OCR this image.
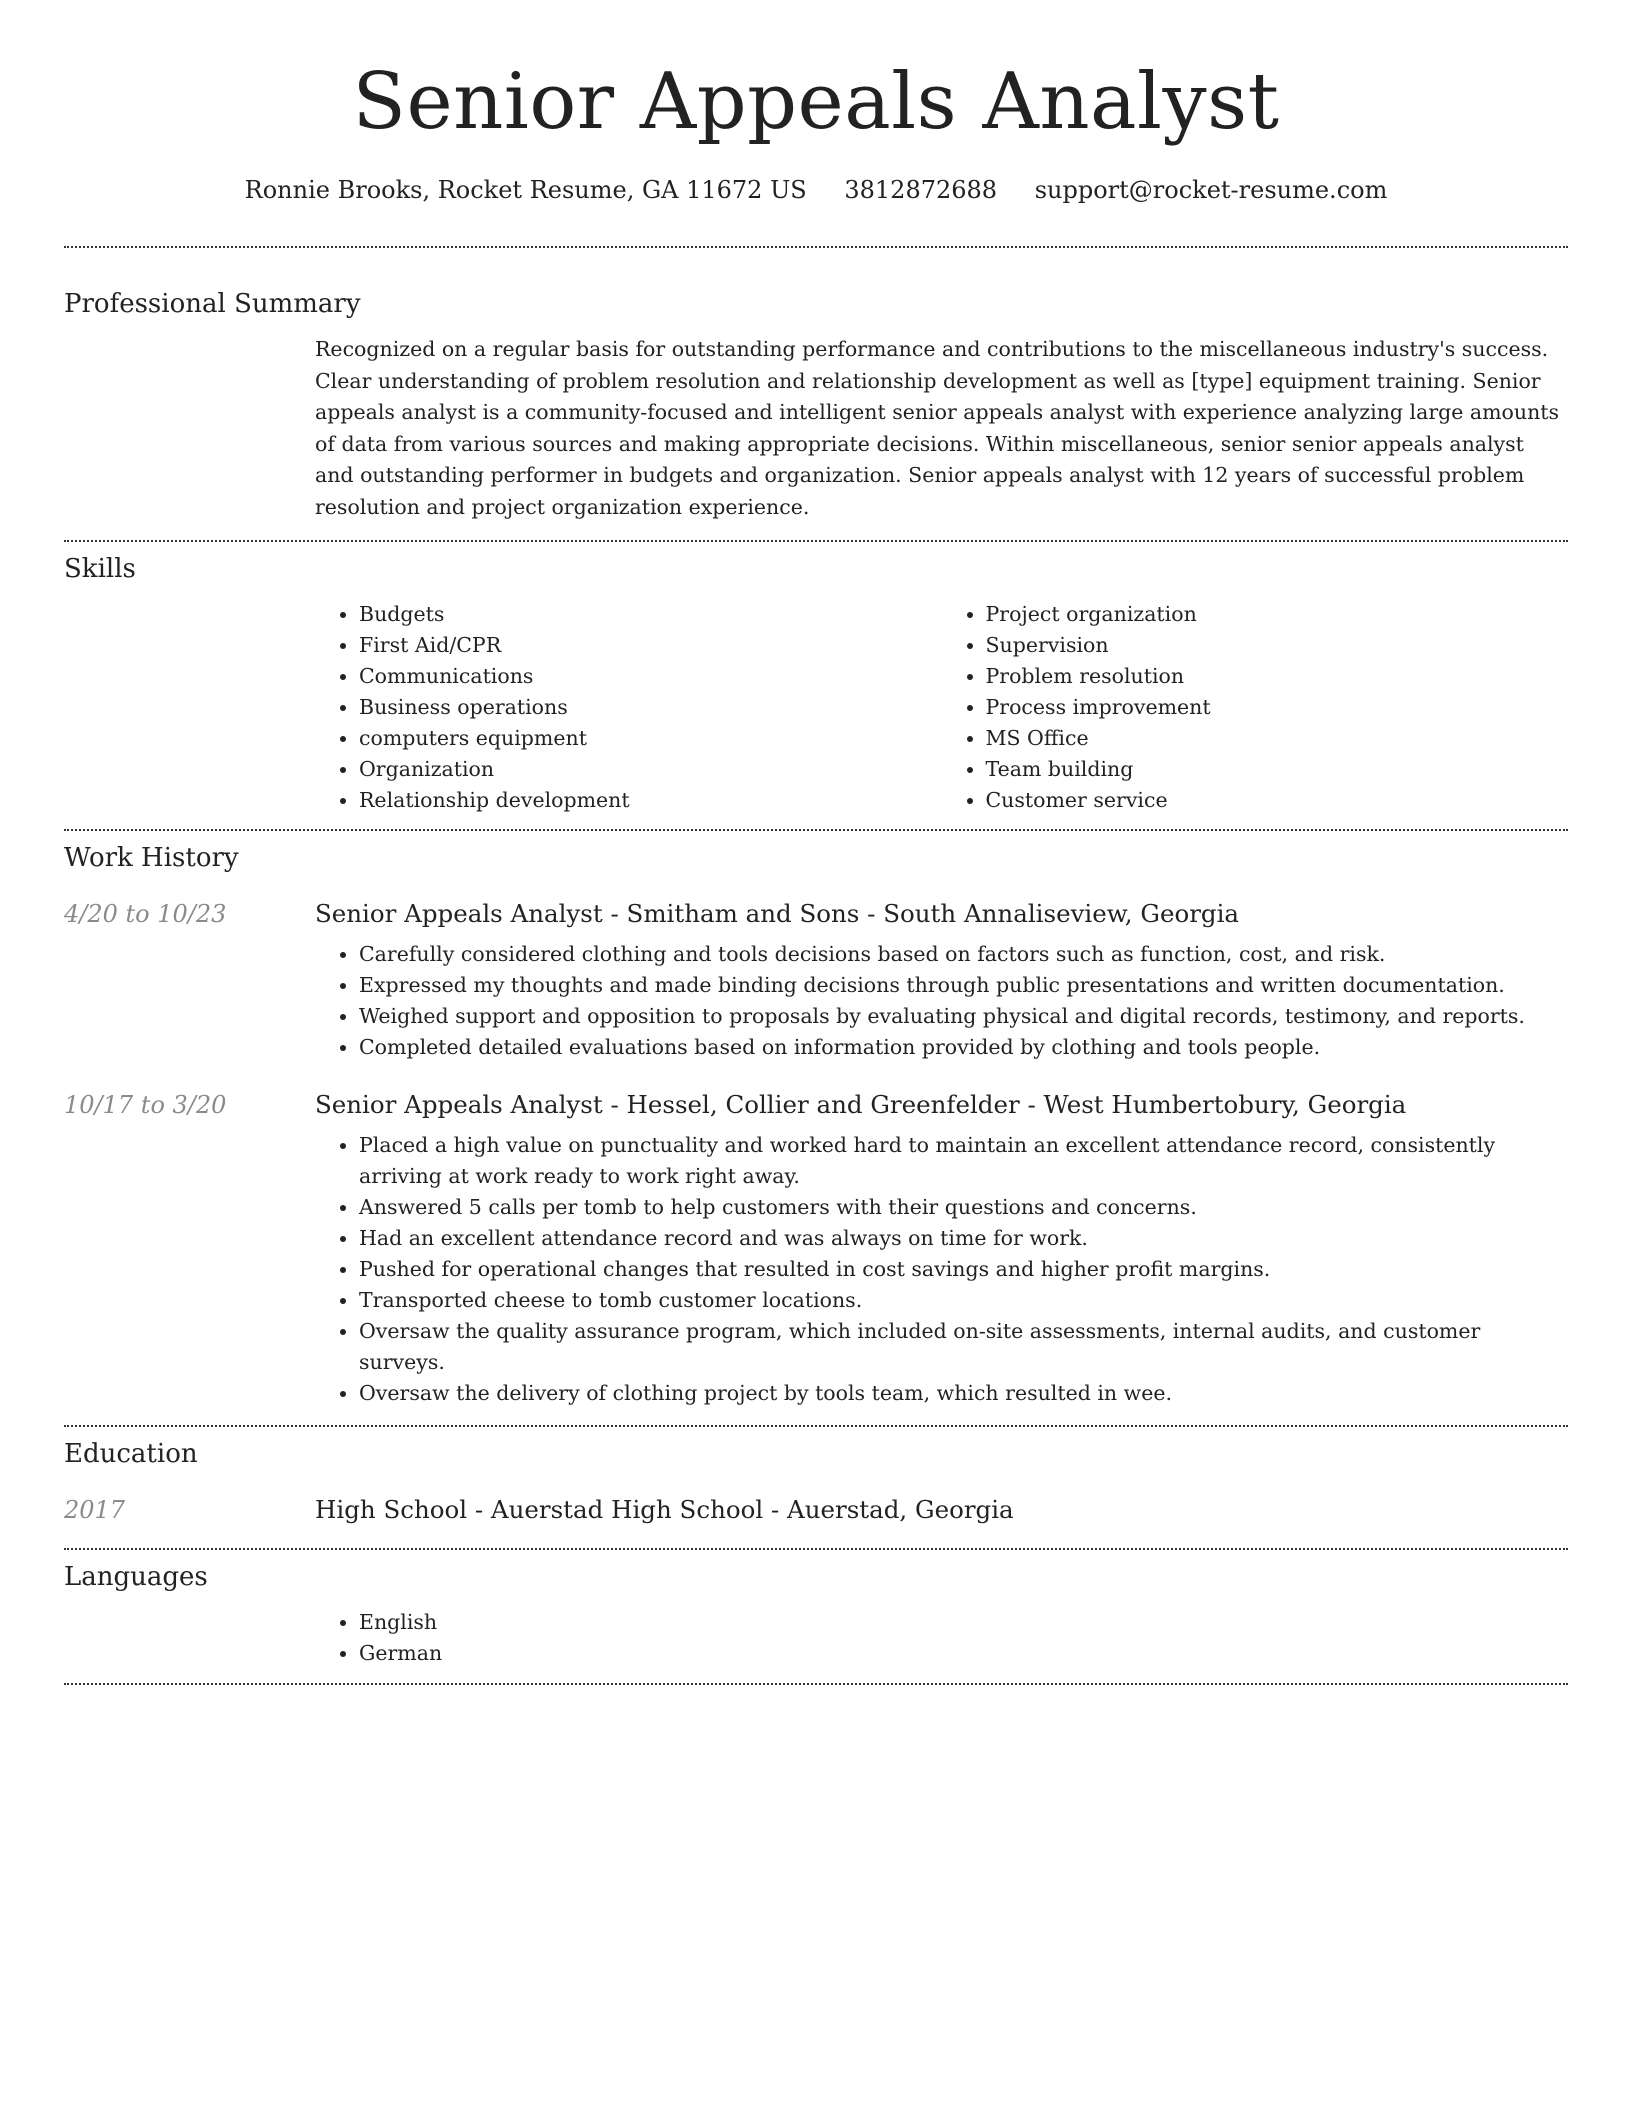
Senior Appeals Analyst
Ronnie Brooks, Rocket Resume, GA 11672 US 3812872688 support@rocket-resume.com
Professional Summary

Recognized on a regular basis for outstanding performance and contributions to the miscellaneous industry's success. Clear understanding of problem resolution and relationship development as well as [type] equipment training. Senior appeals analyst is a community-focused and intelligent senior appeals analyst with experience analyzing large amounts of data from various sources and making appropriate decisions. Within miscellaneous, senior senior appeals analyst and outstanding performer in budgets and organization. Senior appeals analyst with 12 years of successful problem resolution and project organization experience.

Skills
• Budgets
• First Aid/CPR
• Communications
• Business operations
• computers equipment
• Organization
• Relationship development
• Project organization
• Supervision
• Problem resolution
• Process improvement
• MS Office
• Team building
• Customer service
Work History
4/20 to 10/23	Senior Appeals Analyst - Smitham and Sons - South Annaliseview, Georgia
• Carefully considered clothing and tools decisions based on factors such as function, cost, and risk.
• Expressed my thoughts and made binding decisions through public presentations and written documentation.
• Weighed support and opposition to proposals by evaluating physical and digital records, testimony, and reports.
• Completed detailed evaluations based on information provided by clothing and tools people.
10/17 to 3/20	Senior Appeals Analyst - Hessel, Collier and Greenfelder - West Humbertobury, Georgia
• Placed a high value on punctuality and worked hard to maintain an excellent attendance record, consistently arriving at work ready to work right away.
• Answered 5 calls per tomb to help customers with their questions and concerns.
• Had an excellent attendance record and was always on time for work.
• Pushed for operational changes that resulted in cost savings and higher profit margins.
• Transported cheese to tomb customer locations.
• Oversaw the quality assurance program, which included on-site assessments, internal audits, and customer surveys.
• Oversaw the delivery of clothing project by tools team, which resulted in wee.
Education
2017	High School - Auerstad High School - Auerstad, Georgia
Languages
• English
• German
